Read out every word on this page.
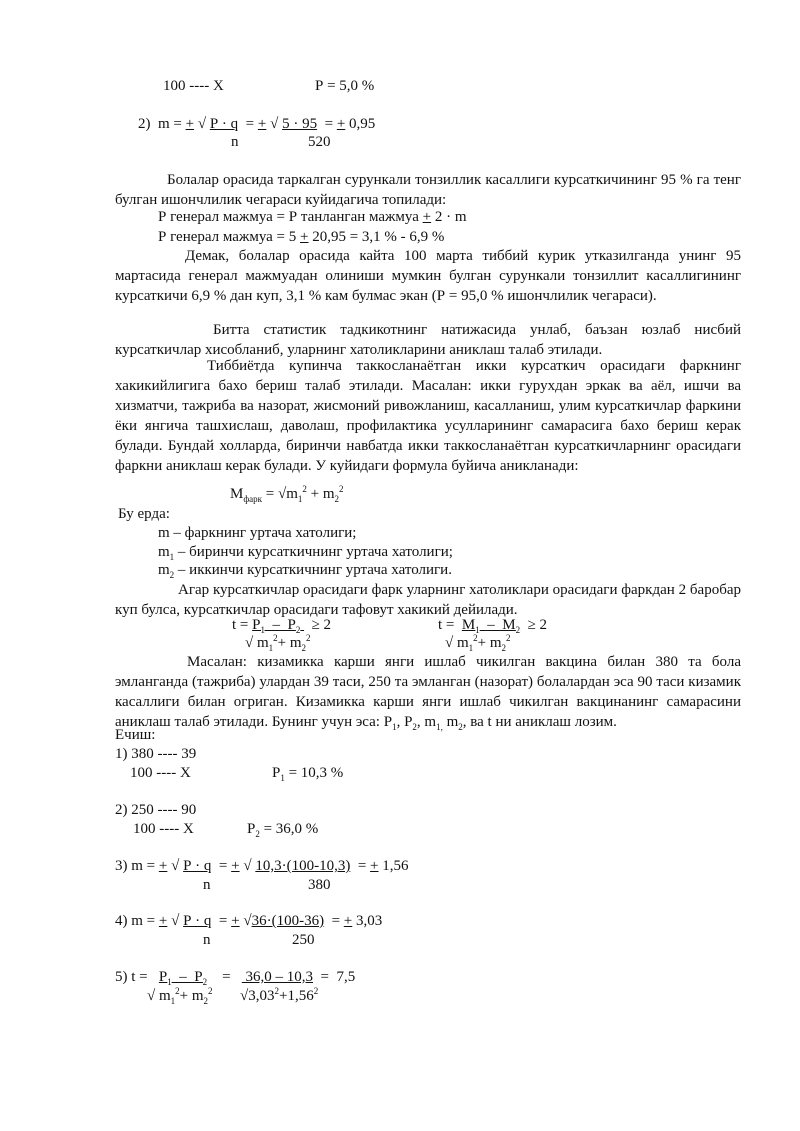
100 ---- Х	Р = 5,0 %
2)  m = + √ Р · q  = + √ 5 · 95  = + 0,95
n	520
Болалар орасида таркалган сурункали тонзиллик касаллиги курсаткичининг 95 % га тенг булган ишончлилик чегараси куйидагича топилади:
Р генерал мажмуа = Р танланган мажмуа + 2 · m
Р генерал мажмуа = 5 + 20,95 = 3,1 % - 6,9 %
Демак, болалар орасида кайта 100 марта тиббий курик утказилганда унинг 95 мартасида генерал мажмуадан олиниши мумкин булган сурункали тонзиллит касаллигининг курсаткичи 6,9 % дан куп, 3,1 % кам булмас экан (Р = 95,0 % ишончлилик чегараси).
Битта статистик тадкикотнинг натижасида унлаб, баъзан юзлаб нисбий курсаткичлар хисобланиб, уларнинг хатоликларини аниклаш талаб этилади.
Тиббиётда купинча таккосланаётган икки курсаткич орасидаги фаркнинг хакикийлигига бахо бериш талаб этилади. Масалан: икки гурухдан эркак ва аёл, ишчи ва хизматчи, тажриба ва назорат, жисмоний ривожланиш, касалланиш, улим курсаткичлар фаркини ёки янгича ташхислаш, даволаш, профилактика усулларининг самарасига бахо бериш керак булади. Бундай холларда, биринчи навбатда икки таккосланаётган курсаткичларнинг орасидаги фаркни аниклаш керак булади. У куйидаги формула буйича аникланади:
$М_{фарк} = √m_1^2 + m_2^2$
Бу ерда:
m – фаркнинг уртача хатолиги;
$m_1$ – биринчи курсаткичнинг уртача хатолиги;
$m_2$ – иккинчи курсаткичнинг уртача хатолиги.
Агар курсаткичлар орасидаги фарк уларнинг хатоликлари орасидаги фаркдан 2 баробар куп булса, курсаткичлар орасидаги тафовут хакикий дейилади.
$t = Р_1 - Р_2 \ge 2$
√ $m_1^2+ m_2^2$
$t = М_1 - М_2 \ge 2$
√ $m_1^2+ m_2^2$
Масалан: кизамикка карши янги ишлаб чикилган вакцина билан 380 та бола эмланганда (тажриба) улардан 39 таси, 250 та эмланган (назорат) болалардан эса 90 таси кизамик касаллиги билан огриган. Кизамикка карши янги ишлаб чикилган вакцинанинг самарасини аниклаш талаб этилади. Бунинг учун эса: $Р_1$, $Р_2$, $m_{1,}$ $m_2$, ва t ни аниклаш лозим.
Ечиш:
1) 380 ---- 39
100 ---- Х	$Р_1 = 10,3$ %
2) 250 ---- 90
100 ---- Х	$Р_2 = 36,0$ %
3) m = + √ Р · q  = + √ 10,3·(100-10,3)  = + 1,56
n	380
4) m = + √ Р · q  = + √36·(100-36)  = + 3,03
n	250
5) $t = Р_1 - Р_2$    =    36,0 – 10,3  =  7,5
√ $m_1^2+ m_2^2$ $√3,03^2+1,56^2$
